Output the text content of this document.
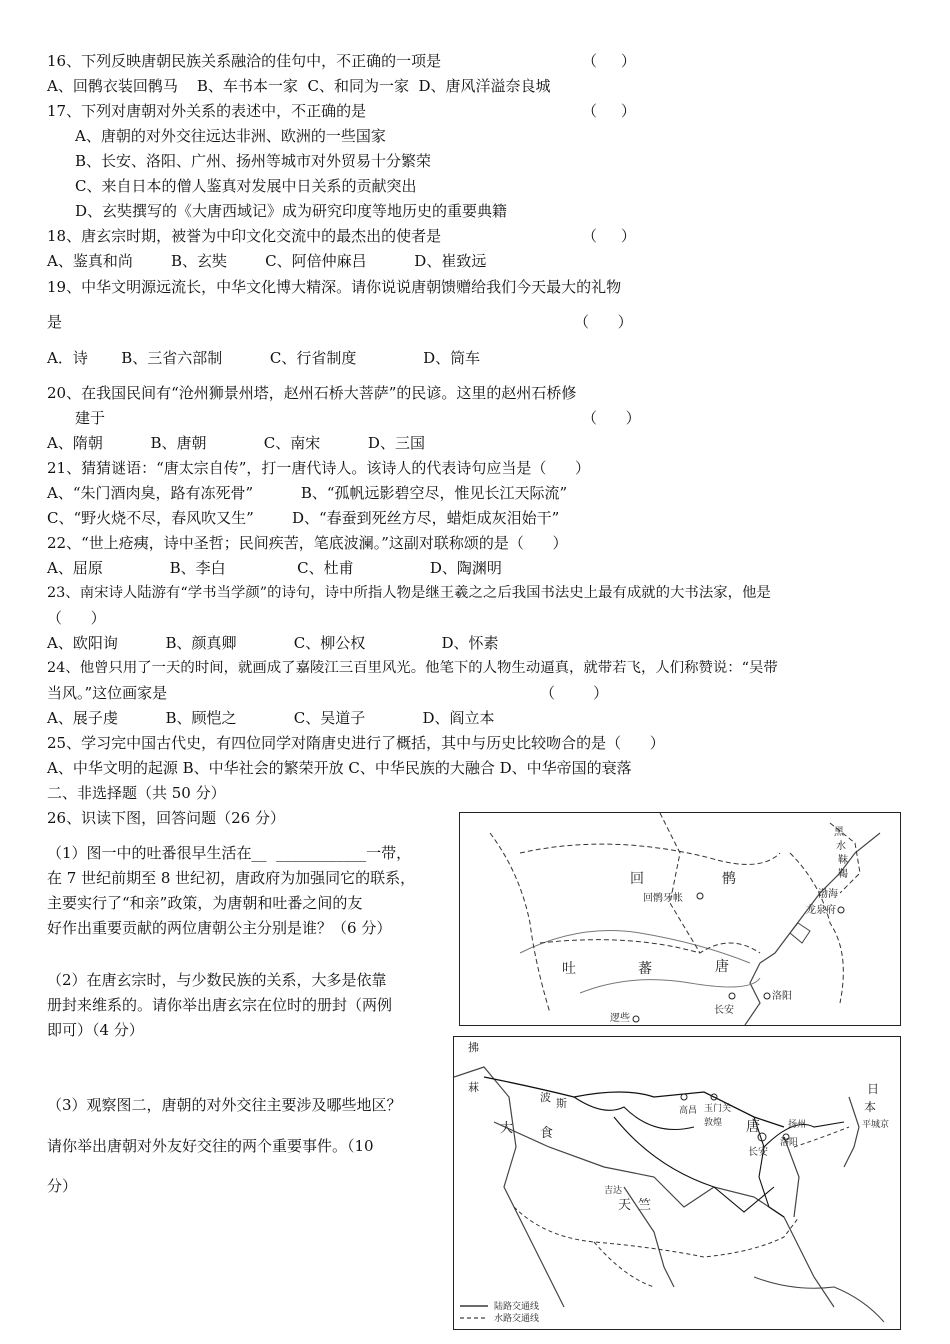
16、下列反映唐朝民族关系融洽的佳句中，不正确的一项是	（     ）
A、回鹘衣装回鹘马    B、车书本一家  C、和同为一家  D、唐风洋溢奈良城
17、下列对唐朝对外关系的表述中，不正确的是	（     ）
A、唐朝的对外交往远达非洲、欧洲的一些国家
B、长安、洛阳、广州、扬州等城市对外贸易十分繁荣
C、来自日本的僧人鉴真对发展中日关系的贡献突出
D、玄奘撰写的《大唐西域记》成为研究印度等地历史的重要典籍
18、唐玄宗时期，被誉为中印文化交流中的最杰出的使者是	（     ）
A、鉴真和尚        B、玄奘        C、阿倍仲麻吕          D、崔致远
19、中华文明源远流长，中华文化博大精深。请你说说唐朝馈赠给我们今天最大的礼物
是	（      ）
A．诗       B、三省六部制          C、行省制度              D、筒车
20、在我国民间有“沧州狮景州塔，赵州石桥大菩萨”的民谚。这里的赵州石桥修
建于	（      ）
A、隋朝          B、唐朝            C、南宋          D、三国
21、猜猜谜语：“唐太宗自传”，打一唐代诗人。该诗人的代表诗句应当是（      ）
A、“朱门酒肉臭，路有冻死骨”          B、“孤帆远影碧空尽，惟见长江天际流”
C、“野火烧不尽，春风吹又生”        D、“春蚕到死丝方尽，蜡炬成灰泪始干”
22、“世上疮痍，诗中圣哲；民间疾苦，笔底波澜。”这副对联称颂的是（      ）
A、屈原              B、李白               C、杜甫                D、陶渊明
23、南宋诗人陆游有“学书当学颜”的诗句，诗中所指人物是继王羲之之后我国书法史上最有成就的大书法家，他是
（      ）
A、欧阳询          B、颜真卿            C、柳公权                D、怀素
24、他曾只用了一天的时间，就画成了嘉陵江三百里风光。他笔下的人物生动逼真，就带若飞，人们称赞说：“吴带
当风。”这位画家是	（        ）
A、展子虔          B、顾恺之            C、吴道子            D、阎立本
25、学习完中国古代史，有四位同学对隋唐史进行了概括，其中与历史比较吻合的是（      ）
A、中华文明的起源 B、中华社会的繁荣开放 C、中华民族的大融合 D、中华帝国的衰落
二、非选择题（共 50 分）
26、识读下图，回答问题（26 分）
（1）图一中的吐番很早生活在__  ____________一带，
在 7 世纪前期至 8 世纪初，唐政府为加强同它的联系，
主要实行了“和亲”政策，为唐朝和吐番之间的友
好作出重要贡献的两位唐朝公主分别是谁？（6 分）
（2）在唐玄宗时，与少数民族的关系，大多是依靠
册封来维系的。请你举出唐玄宗在位时的册封（两例
即可）（4 分）
（3）观察图二，唐朝的对外交往主要涉及哪些地区？
请你举出唐朝对外友好交往的两个重要事件。（10
分）
回	鹘
回鹘牙帐
黑
水
靺
鞨
渤海
龙泉府
吐	蕃	唐
长安
洛阳
逻些
拂
菻
大 食
波 斯
高昌
敦煌
玉门关
唐
长安
洛阳
扬州
日
本
平城京
天 竺
吉达
陆路交通线
水路交通线
